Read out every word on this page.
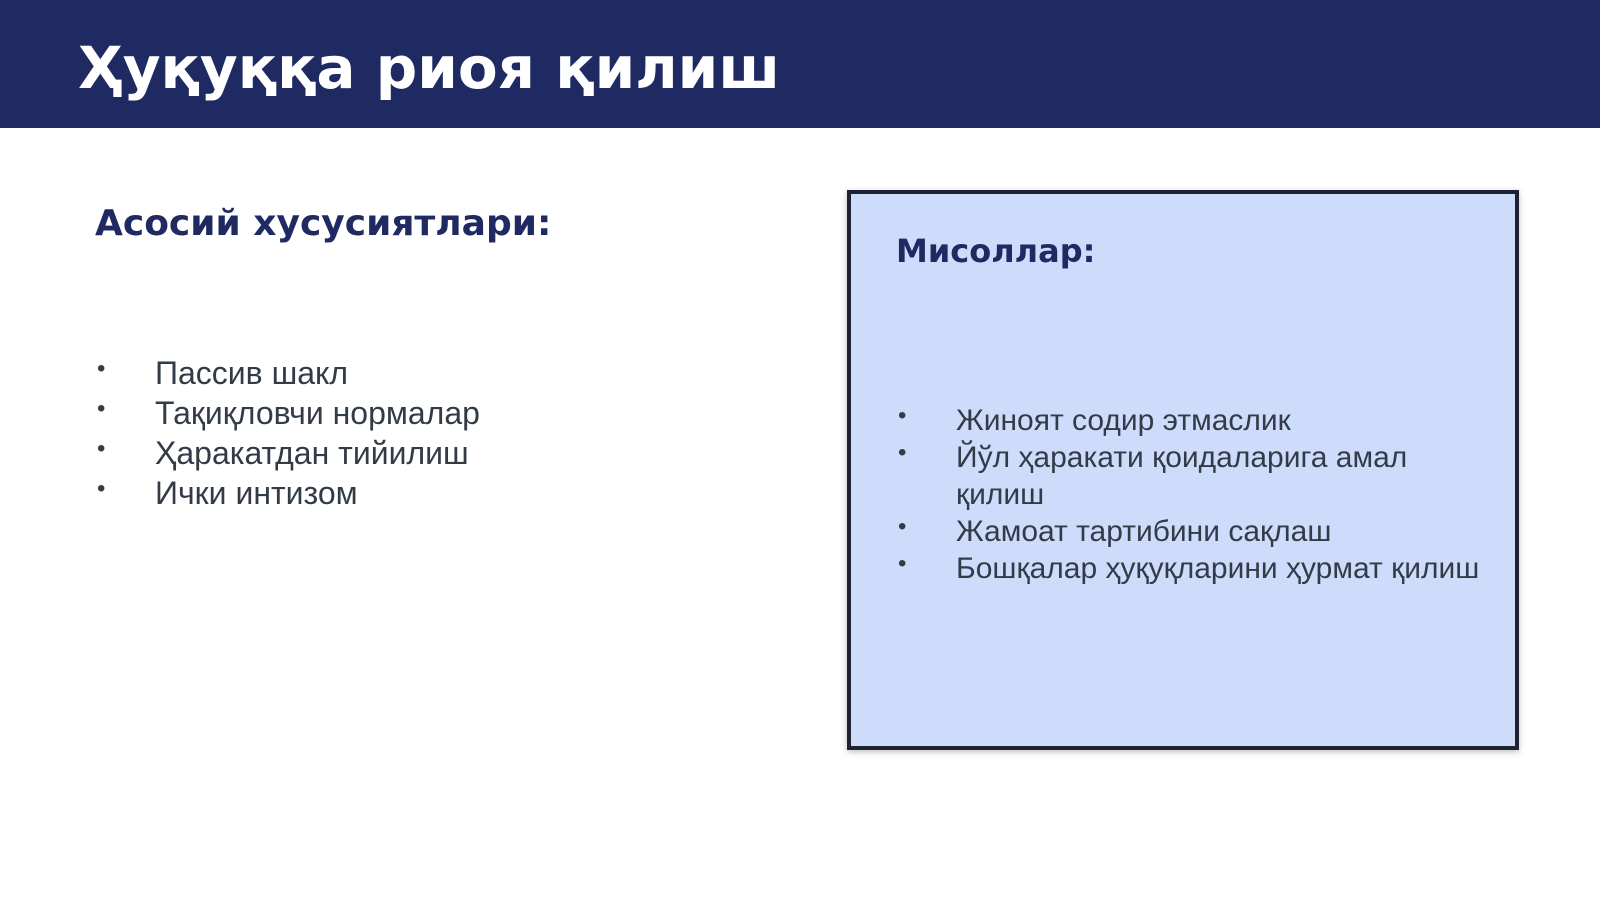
Ҳуқуққа риоя қилиш
Асосий хусусиятлари:
• Пассив шакл
• Тақиқловчи нормалар
• Ҳаракатдан тийилиш
• Ички интизом
Мисоллар:
• Жиноят содир этмаслик
• Йўл ҳаракати қоидаларига амал қилиш
• Жамоат тартибини сақлаш
• Бошқалар ҳуқуқларини ҳурмат қилиш
